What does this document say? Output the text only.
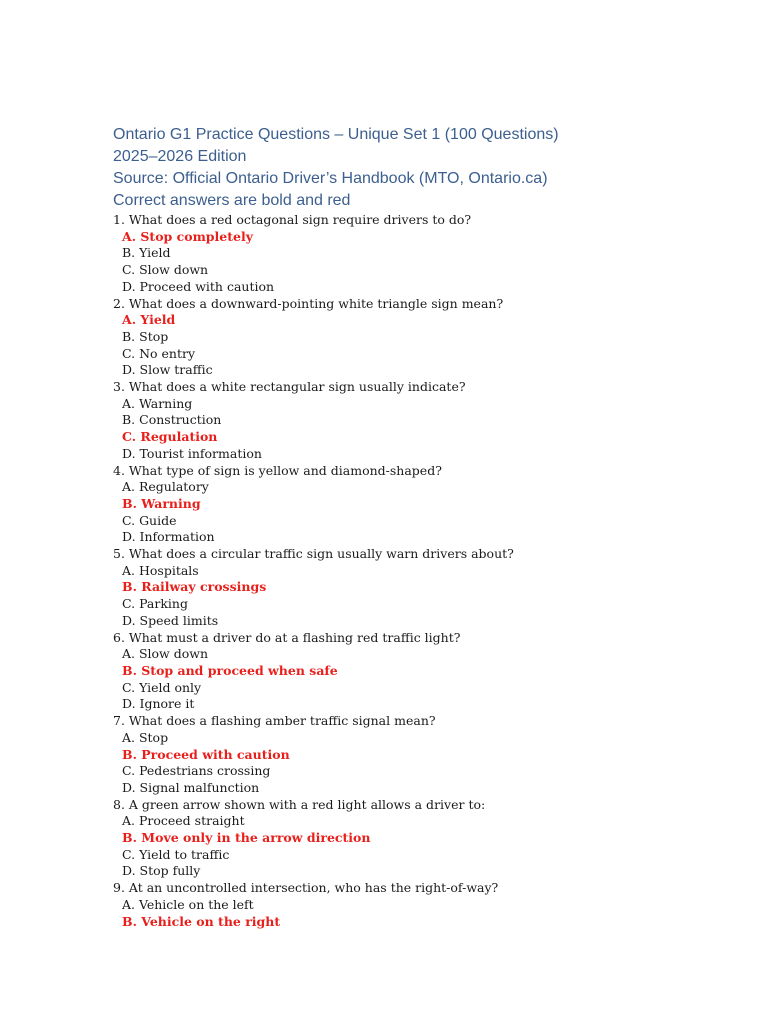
Ontario G1 Practice Questions – Unique Set 1 (100 Questions)
2025–2026 Edition
Source: Official Ontario Driver’s Handbook (MTO, Ontario.ca)
Correct answers are bold and red
1. What does a red octagonal sign require drivers to do?
A. Stop completely
B. Yield
C. Slow down
D. Proceed with caution
2. What does a downward-pointing white triangle sign mean?
A. Yield
B. Stop
C. No entry
D. Slow traffic
3. What does a white rectangular sign usually indicate?
A. Warning
B. Construction
C. Regulation
D. Tourist information
4. What type of sign is yellow and diamond-shaped?
A. Regulatory
B. Warning
C. Guide
D. Information
5. What does a circular traffic sign usually warn drivers about?
A. Hospitals
B. Railway crossings
C. Parking
D. Speed limits
6. What must a driver do at a flashing red traffic light?
A. Slow down
B. Stop and proceed when safe
C. Yield only
D. Ignore it
7. What does a flashing amber traffic signal mean?
A. Stop
B. Proceed with caution
C. Pedestrians crossing
D. Signal malfunction
8. A green arrow shown with a red light allows a driver to:
A. Proceed straight
B. Move only in the arrow direction
C. Yield to traffic
D. Stop fully
9. At an uncontrolled intersection, who has the right-of-way?
A. Vehicle on the left
B. Vehicle on the right
